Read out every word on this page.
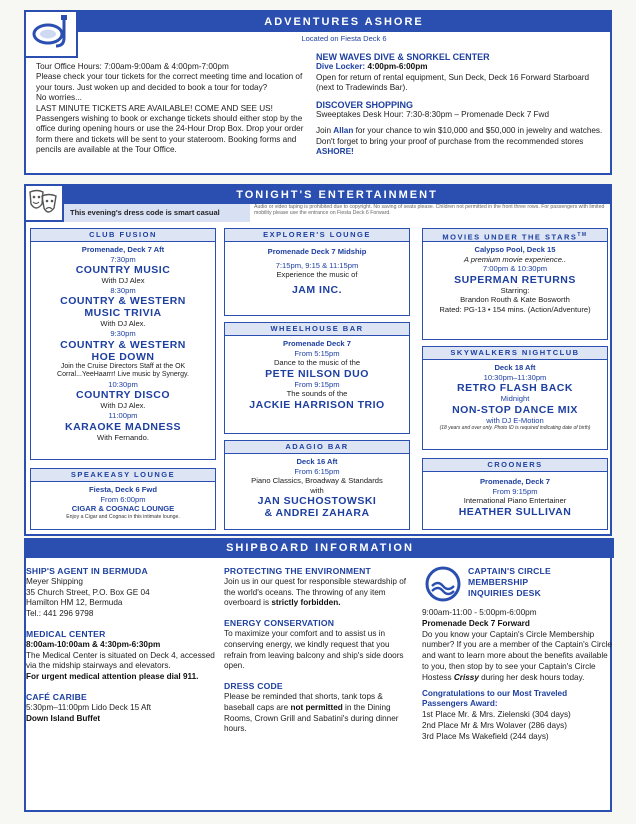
ADVENTURES ASHORE
Located on Fiesta Deck 6
Tour Office Hours: 7:00am-9:00am & 4:00pm-7:00pm
Please check your tour tickets for the correct meeting time and location of your tours. Just woken up and decided to book a tour for today?
No worries...
LAST MINUTE TICKETS ARE AVAILABLE! COME AND SEE US!
Passengers wishing to book or exchange tickets should either stop by the office during opening hours or use the 24-Hour Drop Box. Drop your order form there and tickets will be sent to your stateroom. Booking forms and pencils are available at the Tour Office.
NEW WAVES DIVE & SNORKEL CENTER
Dive Locker: 4:00pm-6:00pm
Open for return of rental equipment, Sun Deck, Deck 16 Forward Starboard (next to Tradewinds Bar).
DISCOVER SHOPPING
Sweeptakes Desk Hour: 7:30-8:30pm – Promenade Deck 7 Fwd
Join Allan for your chance to win $10,000 and $50,000 in jewelry and watches. Don't forget to bring your proof of purchase from the recommended stores ASHORE!
TONIGHT'S ENTERTAINMENT
This evening's dress code is smart casual
Audio or video taping is prohibited due to copyright. No saving of seats please. Children not permitted in the front three rows. For passengers with limited mobility please use the entrance on Fiesta Deck 6 Forward.
CLUB FUSION
Promenade, Deck 7 Aft
7:30pm
COUNTRY MUSIC
With DJ Alex
8:30pm
COUNTRY & WESTERN
MUSIC TRIVIA
With DJ Alex.
9:30pm
COUNTRY & WESTERN
HOE DOWN
Join the Cruise Directors Staff at the OK Corral...YeeHaarrr! Live music by Synergy.
10:30pm
COUNTRY DISCO
With DJ Alex.
11:00pm
KARAOKE MADNESS
With Fernando.
SPEAKEASY LOUNGE
Fiesta, Deck 6 Fwd
From 6:00pm
CIGAR & COGNAC LOUNGE
Enjoy a Cigar and Cognac in this intimate lounge.
EXPLORER'S LOUNGE
Promenade Deck 7 Midship
7:15pm, 9:15 & 11:15pm
Experience the music of
JAM INC.
WHEELHOUSE BAR
Promenade Deck 7
From 5:15pm
Dance to the music of the
PETE NILSON DUO
From 9:15pm
The sounds of the
JACKIE HARRISON TRIO
ADAGIO BAR
Deck 16 Aft
From 6:15pm
Piano Classics, Broadway & Standards
with
JAN SUCHOSTOWSKI
& ANDREI ZAHARA
MOVIES UNDER THE STARS™
Calypso Pool, Deck 15
A premium movie experience..
7:00pm & 10:30pm
SUPERMAN RETURNS
Starring:
Brandon Routh & Kate Bosworth
Rated: PG-13 • 154 mins. (Action/Adventure)
SKYWALKERS NIGHTCLUB
Deck 18 Aft
10:30pm–11:30pm
RETRO FLASH BACK
Midnight
NON-STOP DANCE MIX
with DJ E-Motion
(18 years and over only. Photo ID is required indicating date of birth)
CROONERS
Promenade, Deck 7
From 9:15pm
International Piano Entertainer
HEATHER SULLIVAN
SHIPBOARD INFORMATION
SHIP'S AGENT IN BERMUDA
Meyer Shipping
35 Church Street, P.O. Box GE 04
Hamilton HM 12, Bermuda
Tel.: 441 296 9798
MEDICAL CENTER
8:00am-10:00am & 4:30pm-6:30pm
The Medical Center is situated on Deck 4, accessed via the midship stairways and elevators.
For urgent medical attention please dial 911.
CAFÉ CARIBE
5:30pm–11:00pm Lido Deck 15 Aft
Down Island Buffet
PROTECTING THE ENVIRONMENT
Join us in our quest for responsible stewardship of the world's oceans. The throwing of any item overboard is strictly forbidden.
ENERGY CONSERVATION
To maximize your comfort and to assist us in conserving energy, we kindly request that you refrain from leaving balcony and ship's side doors open.
DRESS CODE
Please be reminded that shorts, tank tops & baseball caps are not permitted in the Dining Rooms, Crown Grill and Sabatini's during dinner hours.
CAPTAIN'S CIRCLE
MEMBERSHIP
INQUIRIES DESK
9:00am-11:00 - 5:00pm-6:00pm
Promenade Deck 7 Forward
Do you know your Captain's Circle Membership number? If you are a member of the Captain's Circle and want to learn more about the benefits available to you, then stop by to see your Captain's Circle Hostess Crissy during her desk hours today.
Congratulations to our Most Traveled Passengers Award:
1st Place Mr. & Mrs. Zielenski (304 days)
2nd Place Mr & Mrs Wolaver (286 days)
3rd Place Ms Wakefield (244 days)
